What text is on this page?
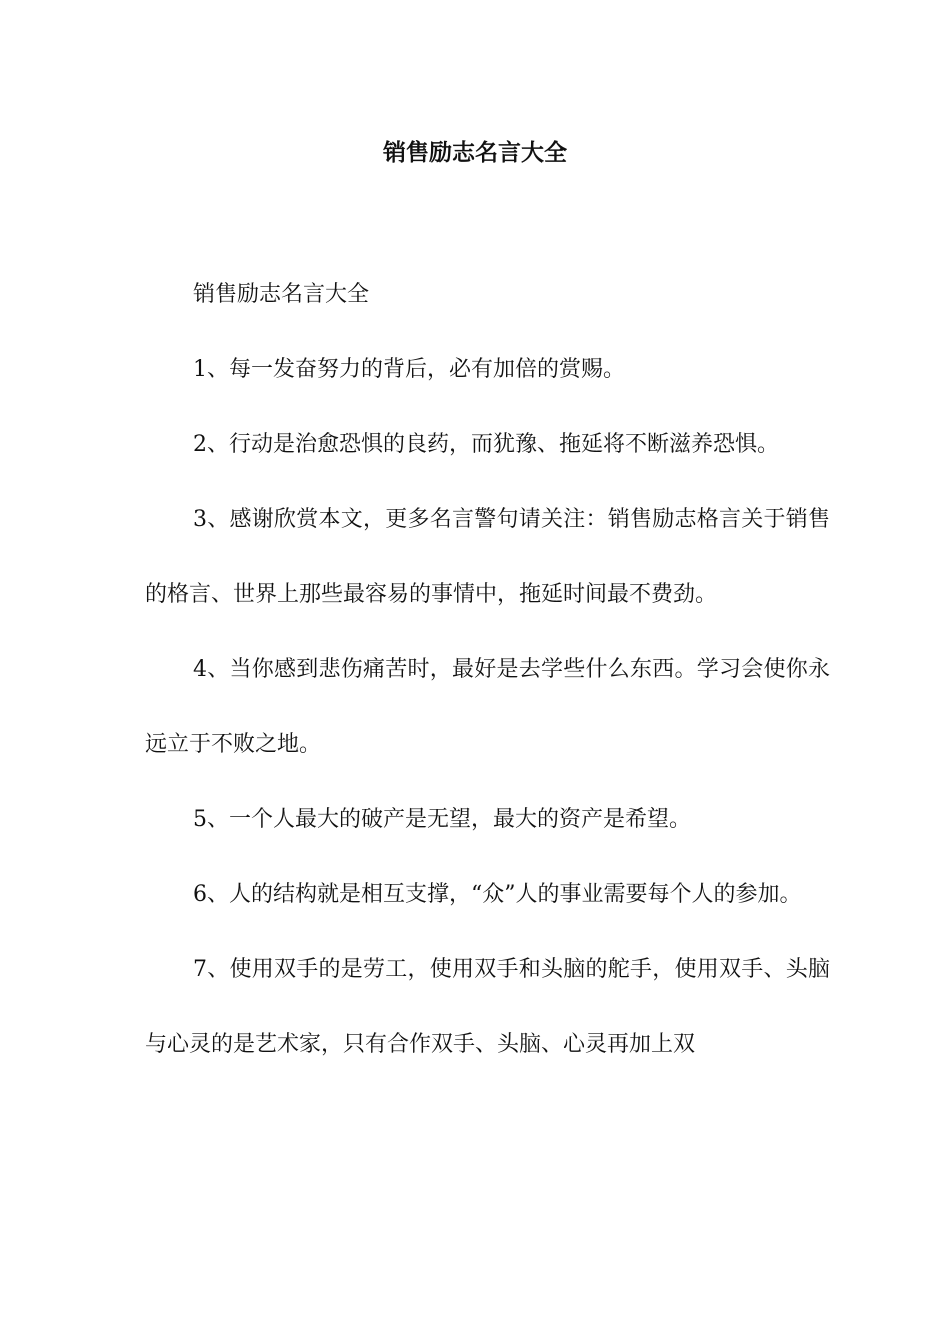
销售励志名言大全

销售励志名言大全

1、每一发奋努力的背后，必有加倍的赏赐。

2、行动是治愈恐惧的良药，而犹豫、拖延将不断滋养恐惧。

3、感谢欣赏本文，更多名言警句请关注：销售励志格言关于销售的格言、世界上那些最容易的事情中，拖延时间最不费劲。

4、当你感到悲伤痛苦时，最好是去学些什么东西。学习会使你永远立于不败之地。

5、一个人最大的破产是无望，最大的资产是希望。

6、人的结构就是相互支撑，“众”人的事业需要每个人的参加。

7、使用双手的是劳工，使用双手和头脑的舵手，使用双手、头脑与心灵的是艺术家，只有合作双手、头脑、心灵再加上双
